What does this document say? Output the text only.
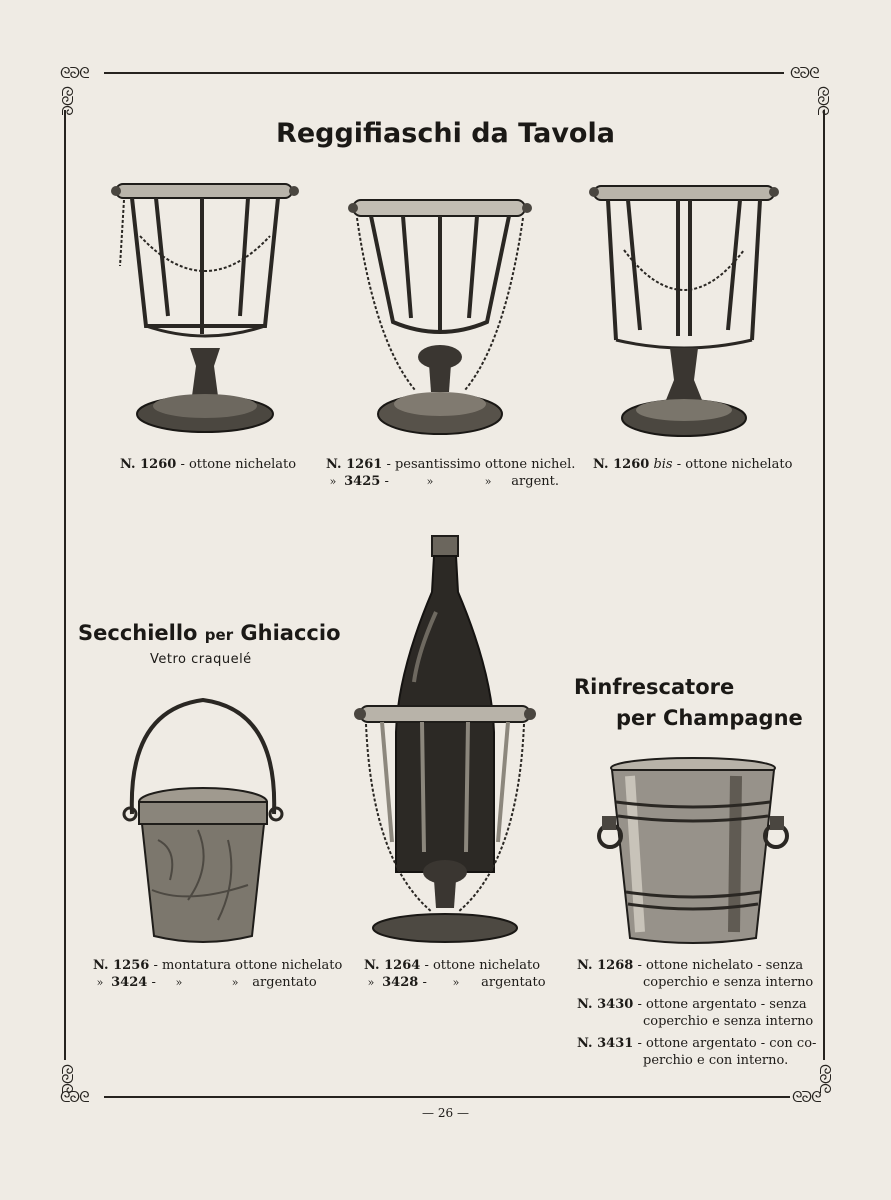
ᘓᘐᘓ
ᘓᘐᘓ
ᘓᘐᘓ
ᘓᘐᘓ
ᘓᘐᘓ
ᘓᘐᘓ
ᘓᘐᘓ
ᘓᘐᘓ
Reggifiaschi da Tavola
N. 1260 - ottone nichelato N. 1261 - pesantissimo ottone nichel.
» 3425 -	»	» argent.
N. 1260 bis - ottone nichelato
Secchiello per Ghiaccio
Vetro craquelé
N. 1256 - montatura ottone nichelato
» 3424 - »	» argentato
N. 1264 - ottone nichelato
» 3428 - » argentato
Rinfrescatore
per Champagne
N. 1268 - ottone nichelato - senza
coperchio e senza interno
N. 3430 - ottone argentato - senza
coperchio e senza interno
N. 3431 - ottone argentato - con co-
perchio e con interno.
— 26 —
